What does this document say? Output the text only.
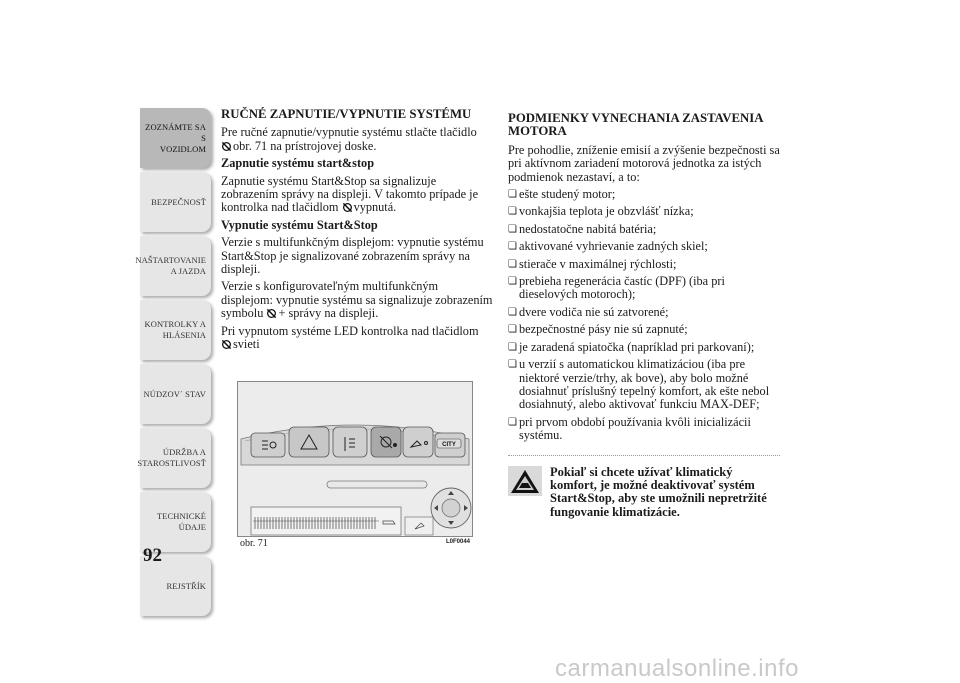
ZOZNÁMTE SA S
VOZIDLOM
BEZPEČNOSŤ
NAŠTARTOVANIE
A JAZDA
KONTROLKY A
HLÁSENIA
NÚDZOV´ STAV
ÚDRŽBA A
STAROSTLIVOSŤ
TECHNICKÉ
ÚDAJE
REJSTŘÍK
92
RUČNÉ ZAPNUTIE/VYPNUTIE SYSTÉMU

Pre ručné zapnutie/vypnutie systému stlačte tlačidlo
obr. 71 na prístrojovej doske.

Zapnutie systému start&stop

Zapnutie systému Start&Stop sa signalizuje zobrazením správy na displeji. V takomto prípade je kontrolka nad tlačidlom vypnutá.

Vypnutie systému Start&Stop

Verzie s multifunkčným displejom: vypnutie systému Start&Stop je signalizované zobrazením správy na displeji.

Verzie s konfigurovateľným multifunkčným displejom: vypnutie systému sa signalizuje zobrazením symbolu + správy na displeji.

Pri vypnutom systéme LED kontrolka nad tlačidlom
svieti

CITY
obr. 71	L0F0044
PODMIENKY VYNECHANIA ZASTAVENIA MOTORA

Pre pohodlie, zníženie emisií a zvýšenie bezpečnosti sa pri aktívnom zariadení motorová jednotka za istých podmienok nezastaví, a to:

❏ ešte studený motor;
❏ vonkajšia teplota je obzvlášť nízka;
❏ nedostatočne nabitá batéria;
❏ aktivované vyhrievanie zadných skiel;
❏ stierače v maximálnej rýchlosti;
❏ prebieha regenerácia častíc (DPF) (iba pri dieselových motoroch);
❏ dvere vodiča nie sú zatvorené;
❏ bezpečnostné pásy nie sú zapnuté;
❏ je zaradená spiatočka (napríklad pri parkovaní);
❏ u verzií s automatickou klimatizáciou (iba pre niektoré verzie/trhy, ak bove), aby bolo možné dosiahnuť príslušný tepelný komfort, ak ešte nebol dosiahnutý, alebo aktivovať funkciu MAX-DEF;
❏ pri prvom období používania kvôli inicializácii systému.
Pokiaľ si chcete užívať klimatický komfort, je možné deaktivovať systém Start&Stop, aby ste umožnili nepretržité fungovanie klimatizácie.
carmanualsonline.info
